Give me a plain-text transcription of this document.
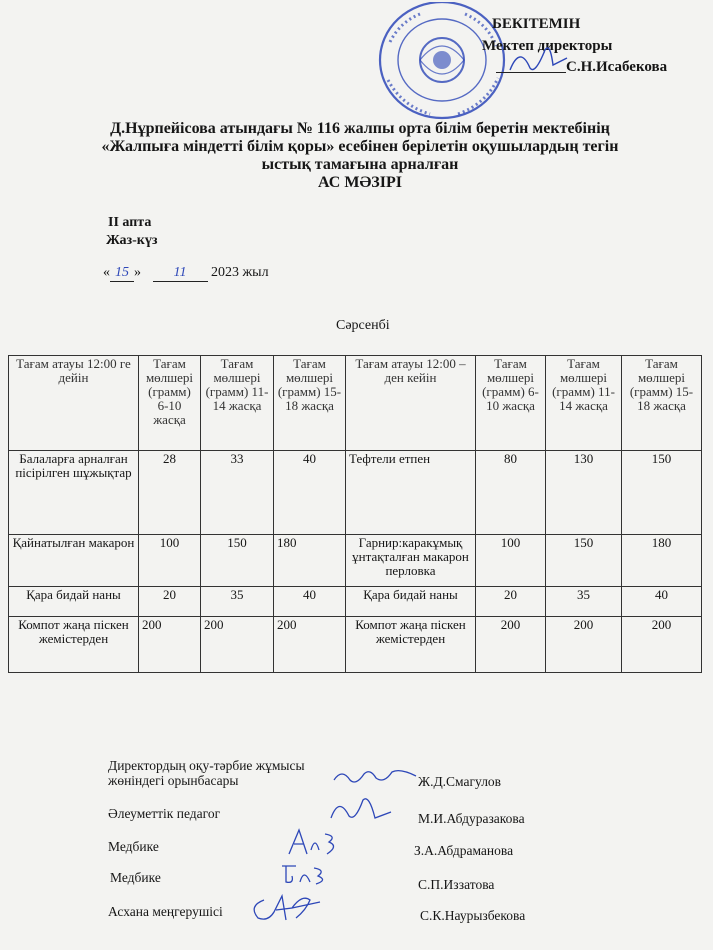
БЕКІТЕМІН
Мектеп директоры
С.Н.Исабекова
Д.Нұрпейісова атындағы № 116 жалпы орта білім беретін мектебінің
«Жалпыға міндетті білім қоры» есебінен берілетін оқушылардың тегін
ыстық тамағына арналған
АС МӘЗІРІ
II апта
Жаз-күз
« 15 » 11 2023 жыл
Сәрсенбі
Тағам атауы 12:00 ге дейін	Тағам мөлшері (грамм) 6-10 жасқа	Тағам мөлшері (грамм) 11-14 жасқа	Тағам мөлшері (грамм) 15-18 жасқа	Тағам атауы 12:00 – ден кейін	Тағам мөлшері (грамм) 6-10 жасқа	Тағам мөлшері (грамм) 11-14 жасқа	Тағам мөлшері (грамм) 15-18 жасқа
Балаларға арналған пісірілген шұжықтар	28	33	40	Тефтели етпен	80	130	150
Қайнатылған макарон	100	150	180	Гарнир:каракұмық ұнтақталған макарон перловка	100	150	180
Қара бидай наны	20	35	40	Қара бидай наны	20	35	40
Компот жаңа піскен жемістерден	200	200	200	Компот жаңа піскен жемістерден	200	200	200
Директордың оқу-тәрбие жұмысы
жөніндегі орынбасары	Ж.Д.Смагулов
Әлеуметтік педагог	М.И.Абдуразакова
Медбике	З.А.Абдраманова
Медбике	С.П.Иззатова
Асхана меңгерушісі	С.К.Наурызбекова
